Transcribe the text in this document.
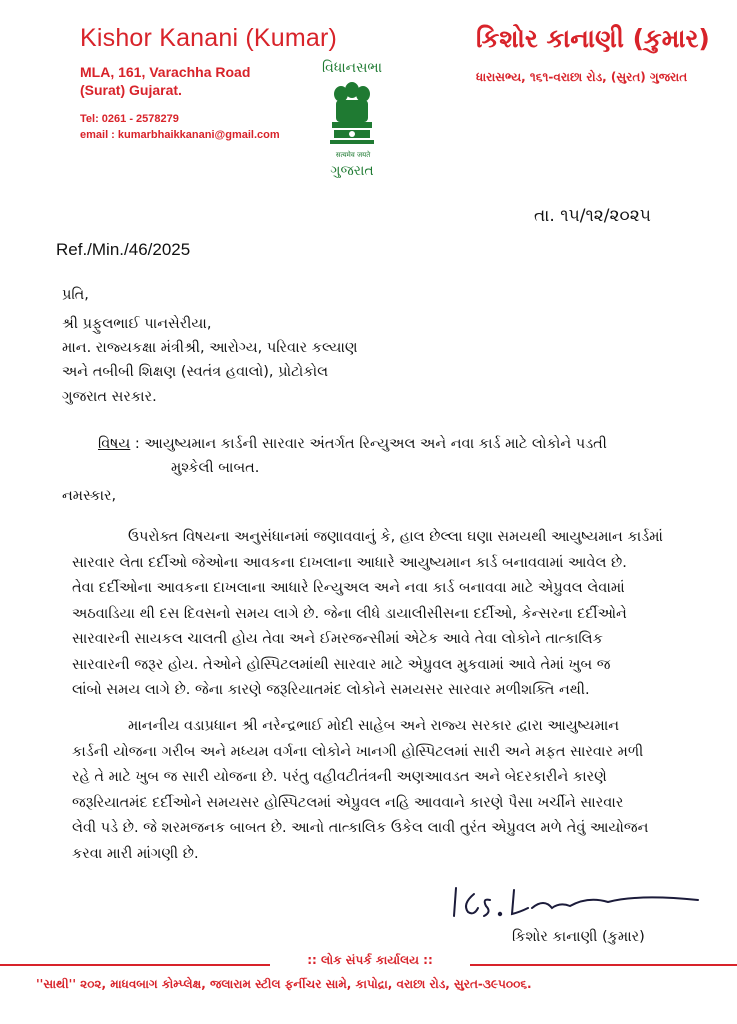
Kishor Kanani (Kumar)
MLA, 161, Varachha Road
(Surat) Gujarat.
Tel: 0261 - 2578279
email : kumarbhaikkanani@gmail.com
વિધાનસભા
सत्यमेव जयते
ગુજરાત
કિશોર કાનાણી (કુમાર)
ધારાસભ્ય, ૧૬૧-વરાછા રોડ, (સુરત) ગુજરાત
તા. ૧૫/૧૨/૨૦૨૫
Ref./Min./46/2025
પ્રતિ,
શ્રી પ્રફુલભાઈ પાનસેરીયા,
માન. રાજ્યકક્ષા મંત્રીશ્રી, આરોગ્ય, પરિવાર કલ્યાણ
અને તબીબી શિક્ષણ (સ્વતંત્ર હવાલો), પ્રોટોકોલ
ગુજરાત સરકાર.
વિષય : આયુષ્યમાન કાર્ડની સારવાર અંતર્ગત રિન્યુઅલ અને નવા કાર્ડ માટે લોકોને પડતી
મુશ્કેલી બાબત.
નમસ્કાર,
ઉપરોક્ત વિષયના અનુસંધાનમાં જણાવવાનું કે, હાલ છેલ્લા ઘણા સમયથી આયુષ્યમાન કાર્ડમાં
સારવાર લેતા દર્દીઓ જેઓના આવકના દાખલાના આધારે આયુષ્યમાન કાર્ડ બનાવવામાં આવેલ છે.
તેવા દર્દીઓના આવકના દાખલાના આધારે રિન્યુઅલ અને નવા કાર્ડ બનાવવા માટે એપ્રુવલ લેવામાં
અઠવાડિયા થી દસ દિવસનો સમય લાગે છે. જેના લીધે ડાયાલીસીસના દર્દીઓ, કેન્સરના દર્દીઓને
સારવારની સાયકલ ચાલતી હોય તેવા અને ઈમરજન્સીમાં એટેક આવે તેવા લોકોને તાત્કાલિક
સારવારની જરૂર હોય. તેઓને હોસ્પિટલમાંથી સારવાર માટે એપ્રુવલ મુકવામાં આવે તેમાં ખુબ જ
લાંબો સમય લાગે છે. જેના કારણે જરૂરિયાતમંદ લોકોને સમયસર સારવાર મળીશક્તિ નથી.
માનનીય વડાપ્રધાન શ્રી નરેન્દ્રભાઈ મોદી સાહેબ અને રાજ્ય સરકાર દ્વારા આયુષ્યમાન
કાર્ડની યોજના ગરીબ અને મધ્યમ વર્ગના લોકોને ખાનગી હોસ્પિટલમાં સારી અને મફત સારવાર મળી
રહે તે માટે ખુબ જ સારી યોજના છે. પરંતુ વહીવટીતંત્રની અણઆવડત અને બેદરકારીને કારણે
જરૂરિયાતમંદ દર્દીઓને સમયસર હોસ્પિટલમાં એપ્રુવલ નહિ આવવાને કારણે પૈસા ખર્ચીને સારવાર
લેવી પડે છે. જે શરમજનક બાબત છે. આનો તાત્કાલિક ઉકેલ લાવી તુરંત એપ્રુવલ મળે તેવું આયોજન
કરવા મારી માંગણી છે.
કિશોર કાનાણી (કુમાર)
:: લોક સંપર્ક કાર્યાલય ::
''સાથી'' ૨૦૨, માધવબાગ કોમ્પ્લેક્ષ, જલારામ સ્ટીલ ફર્નીચર સામે, કાપોદ્રા, વરાછા રોડ, સુરત-૩૯૫૦૦૬.
